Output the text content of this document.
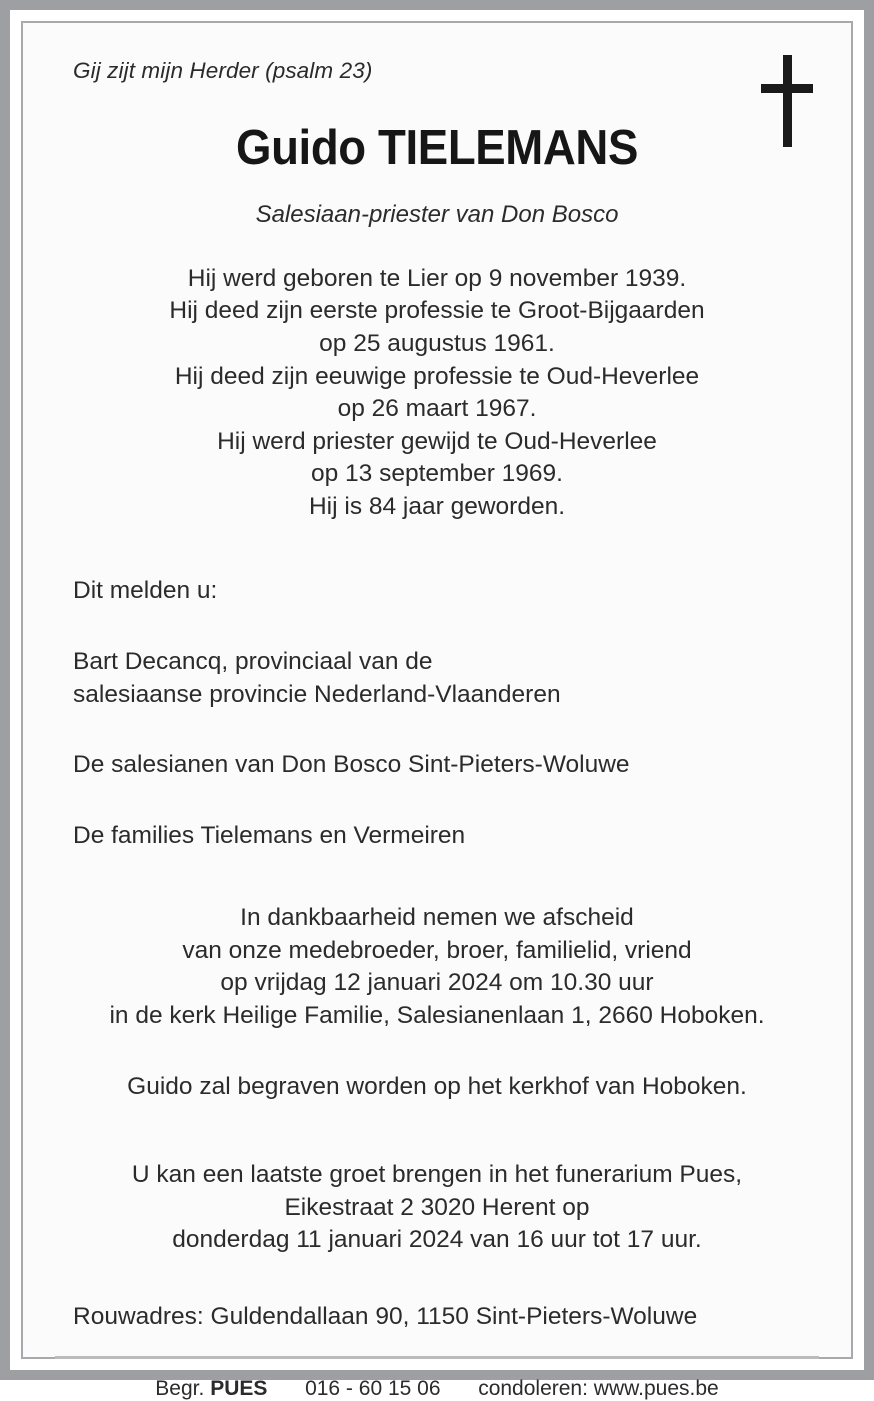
Gij zijt mijn Herder (psalm 23)
Guido TIELEMANS
Salesiaan-priester van Don Bosco
Hij werd geboren te Lier op 9 november 1939.
Hij deed zijn eerste professie te Groot-Bijgaarden
op 25 augustus 1961.
Hij deed zijn eeuwige professie te Oud-Heverlee
op 26 maart 1967.
Hij werd priester gewijd te Oud-Heverlee
op 13 september 1969.
Hij is 84 jaar geworden.
Dit melden u:
Bart Decancq, provinciaal van de
salesiaanse provincie Nederland-Vlaanderen
De salesianen van Don Bosco Sint-Pieters-Woluwe
De families Tielemans en Vermeiren
In dankbaarheid nemen we afscheid
van onze medebroeder, broer, familielid, vriend
op vrijdag 12 januari 2024 om 10.30 uur
in de kerk Heilige Familie, Salesianenlaan 1, 2660 Hoboken.
Guido zal begraven worden op het kerkhof van Hoboken.
U kan een laatste groet brengen in het funerarium Pues,
Eikestraat 2 3020 Herent op
donderdag 11 januari 2024 van 16 uur tot 17 uur.
Rouwadres: Guldendallaan 90, 1150 Sint-Pieters-Woluwe
Begr. PUES 016 - 60 15 06 condoleren: www.pues.be
